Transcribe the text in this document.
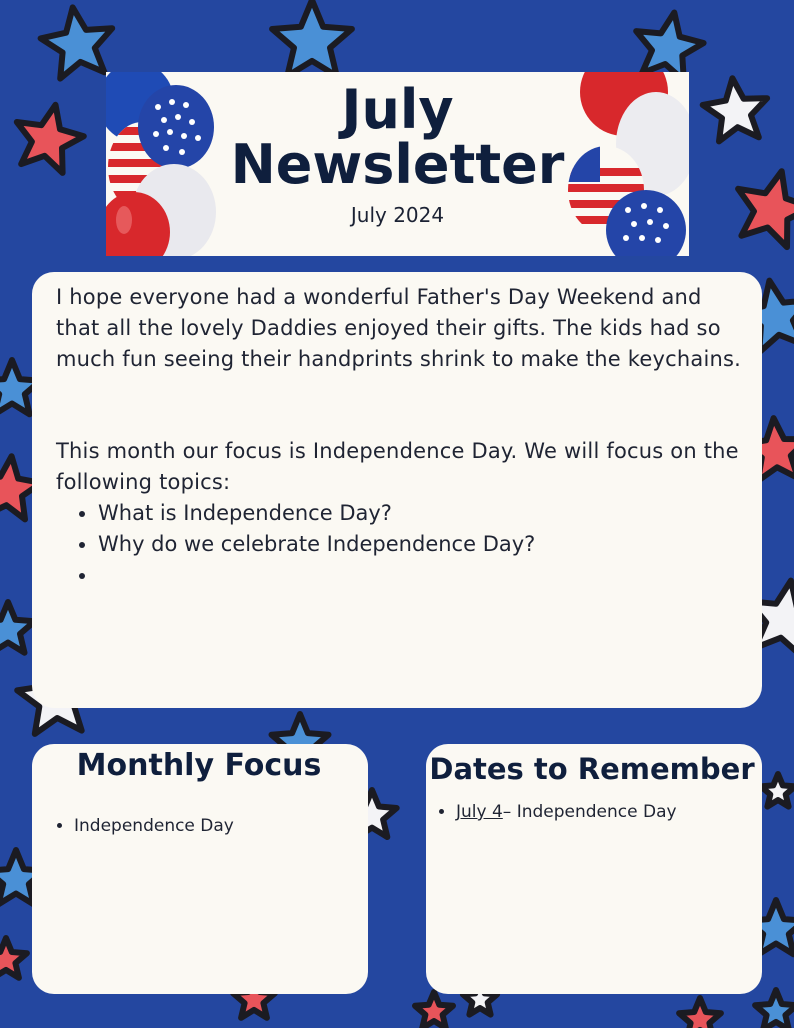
July
Newsletter
July 2024

I hope everyone had a wonderful Father's Day Weekend and that all the lovely Daddies enjoyed their gifts. The kids had so much fun seeing their handprints shrink to make the keychains.

This month our focus is Independence Day. We will focus on the following topics:

• What is Independence Day?
• Why do we celebrate Independence Day?
•
Monthly Focus
• Independence Day
Dates to Remember
• July 4– Independence Day
